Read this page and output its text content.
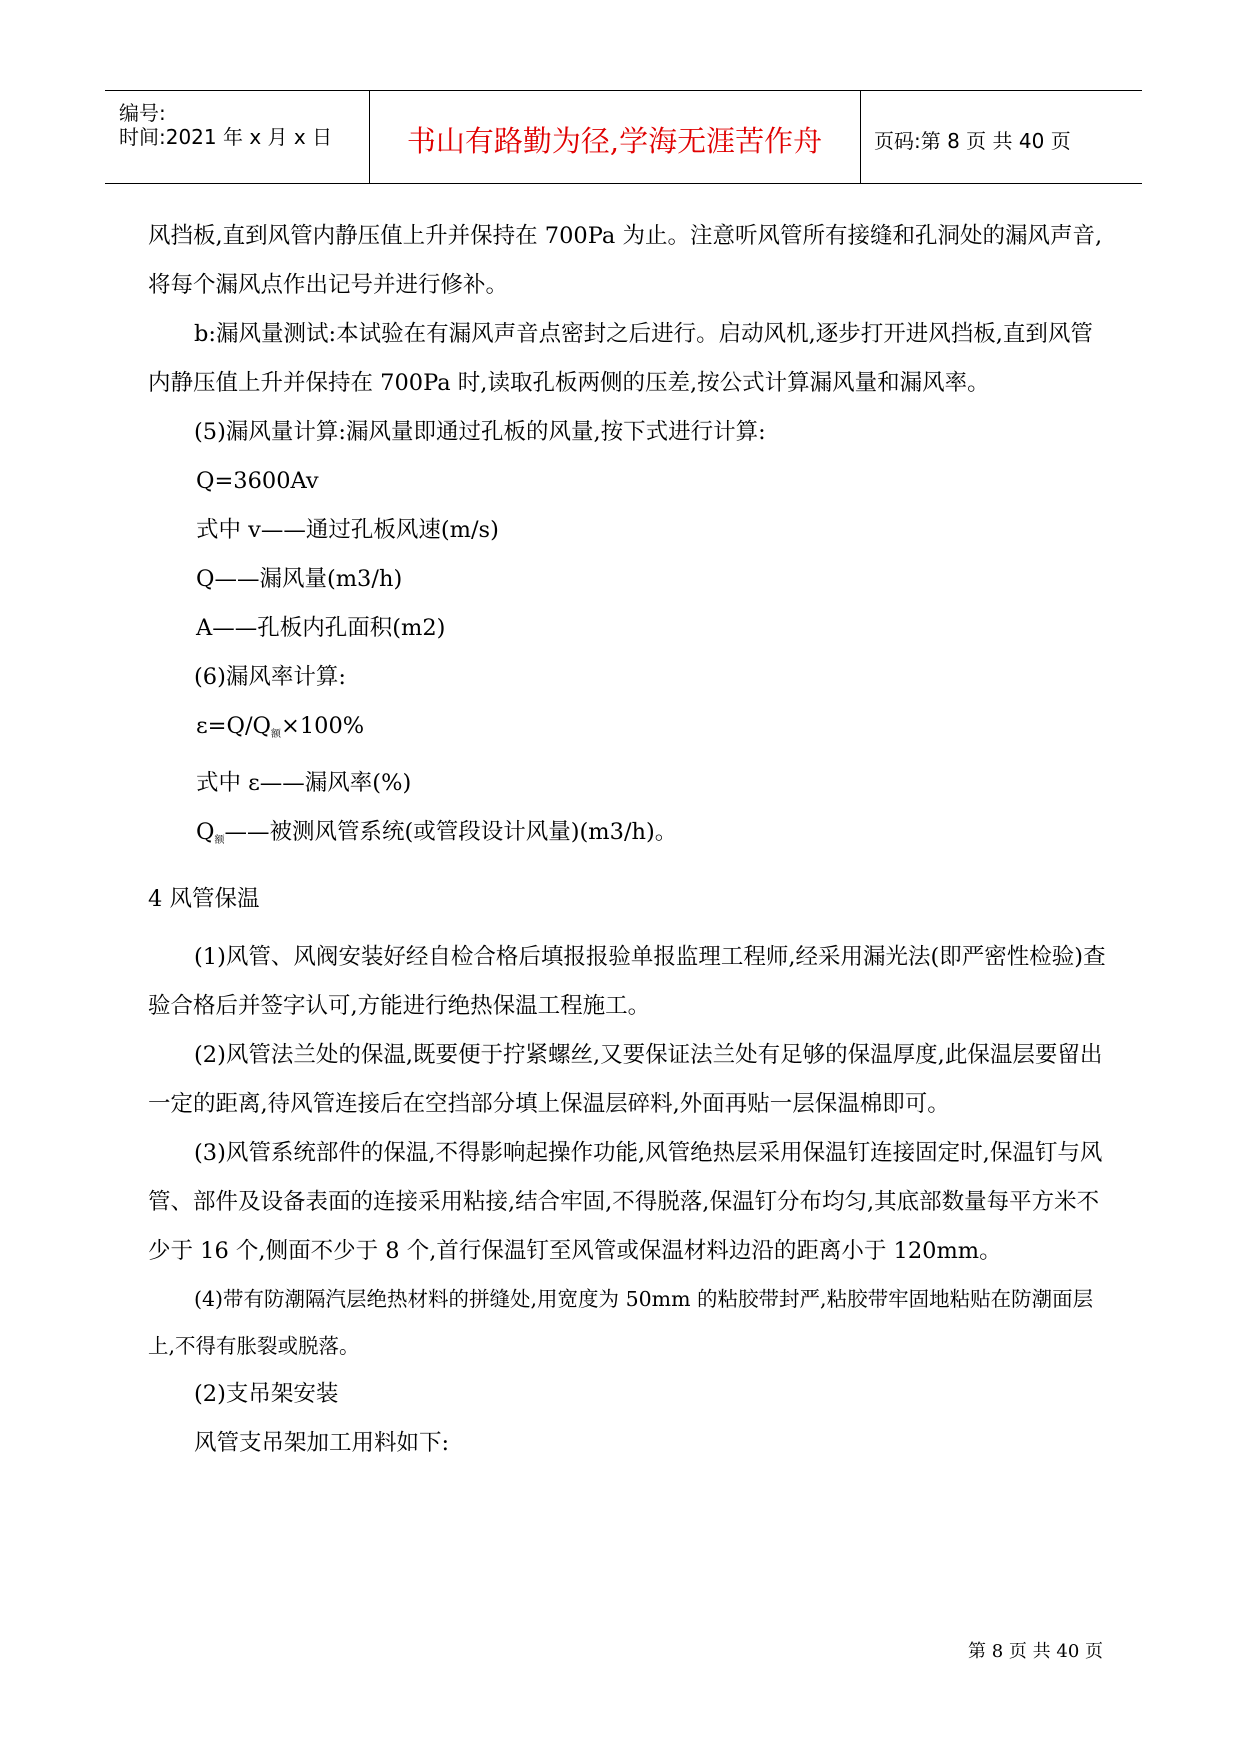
编号:
时间:2021 年 x 月 x 日	书山有路勤为径,学海无涯苦作舟	页码:第 8 页 共 40 页

风挡板,直到风管内静压值上升并保持在 700Pa 为止。注意听风管所有接缝和孔洞处的漏风声音,将每个漏风点作出记号并进行修补。

b:漏风量测试:本试验在有漏风声音点密封之后进行。启动风机,逐步打开进风挡板,直到风管内静压值上升并保持在 700Pa 时,读取孔板两侧的压差,按公式计算漏风量和漏风率。

(5)漏风量计算:漏风量即通过孔板的风量,按下式进行计算:

Q=3600Av

式中 v——通过孔板风速(m/s)

Q——漏风量(m3/h)

A——孔板内孔面积(m2)

(6)漏风率计算:

$\varepsilon=Q/Q_额\times 100\%$

式中 ε——漏风率(%)

$Q_额——$被测风管系统(或管段设计风量)(m3/h)。

4 风管保温

(1)风管、风阀安装好经自检合格后填报报验单报监理工程师,经采用漏光法(即严密性检验)查验合格后并签字认可,方能进行绝热保温工程施工。

(2)风管法兰处的保温,既要便于拧紧螺丝,又要保证法兰处有足够的保温厚度,此保温层要留出一定的距离,待风管连接后在空挡部分填上保温层碎料,外面再贴一层保温棉即可。

(3)风管系统部件的保温,不得影响起操作功能,风管绝热层采用保温钉连接固定时,保温钉与风管、部件及设备表面的连接采用粘接,结合牢固,不得脱落,保温钉分布均匀,其底部数量每平方米不少于 16 个,侧面不少于 8 个,首行保温钉至风管或保温材料边沿的距离小于 120mm。

(4)带有防潮隔汽层绝热材料的拼缝处,用宽度为 50mm 的粘胶带封严,粘胶带牢固地粘贴在防潮面层上,不得有胀裂或脱落。

(2)支吊架安装

风管支吊架加工用料如下:

第 8 页 共 40 页
